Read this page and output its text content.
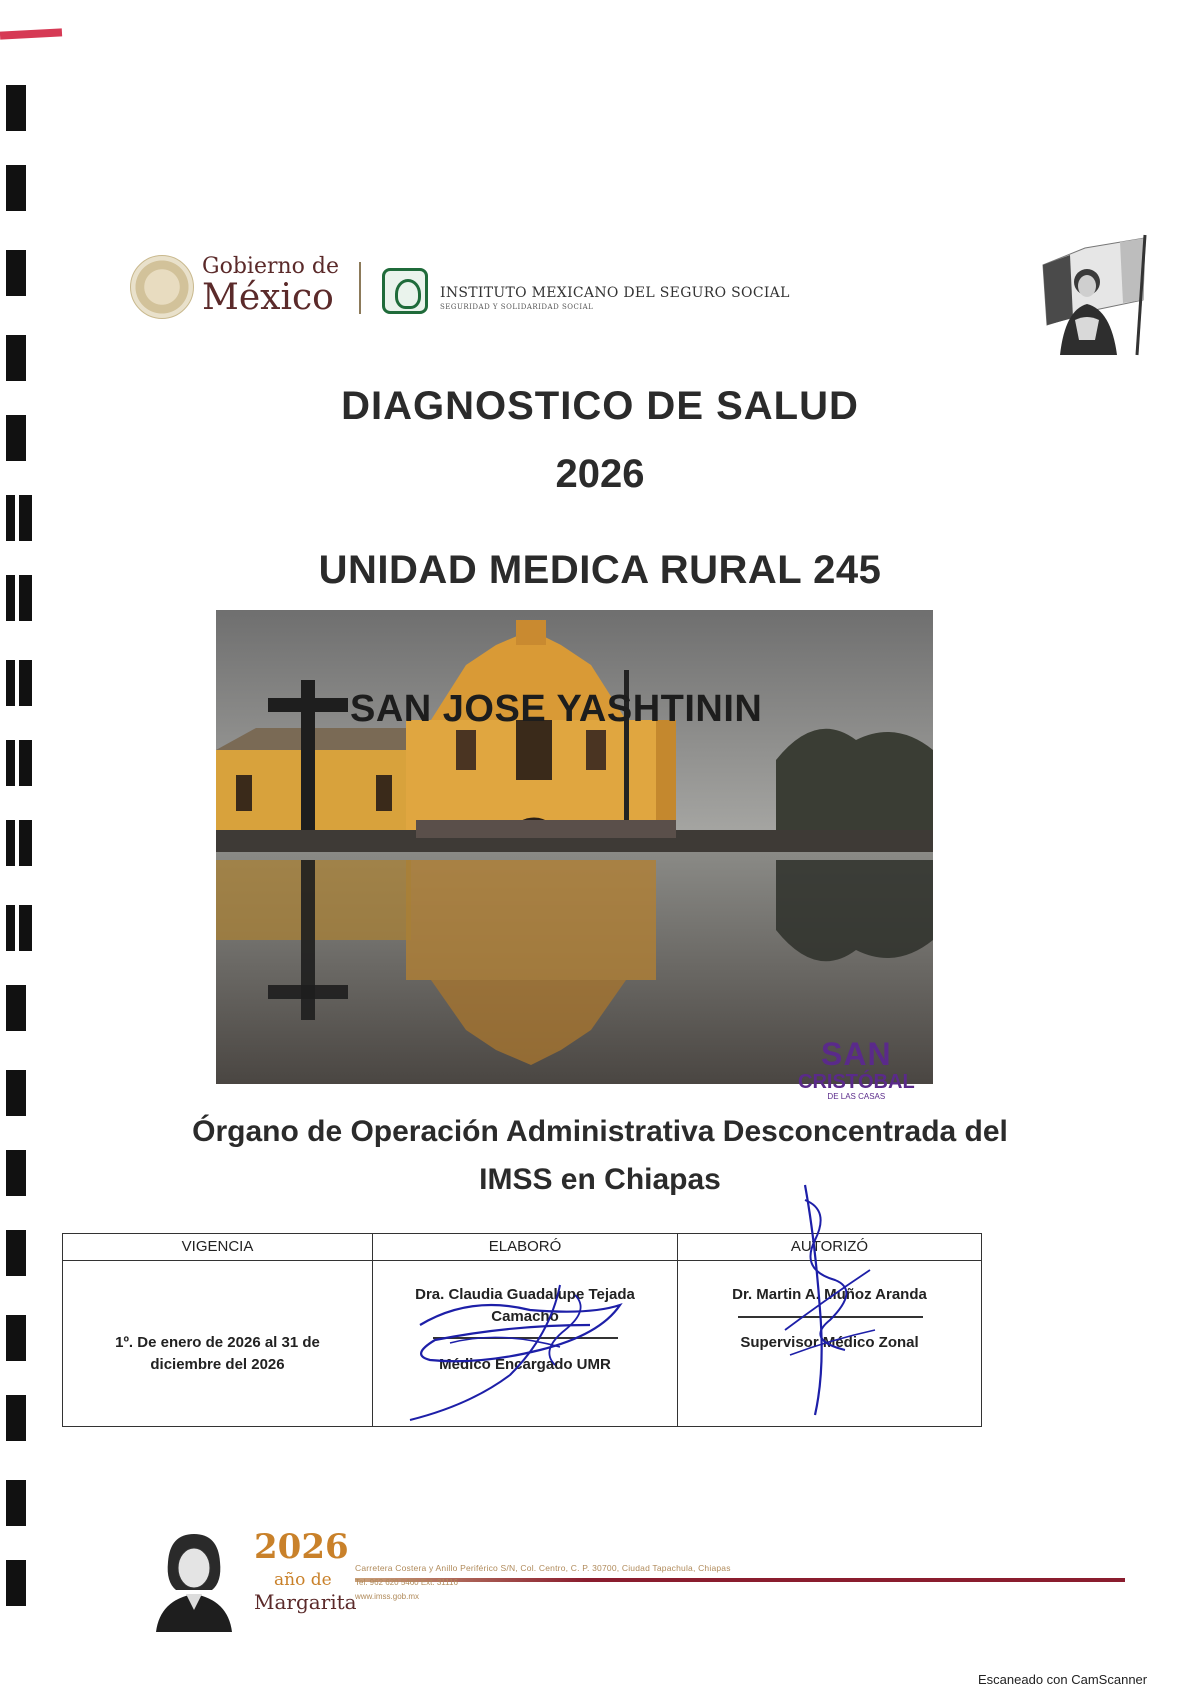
Gobierno de
México	INSTITUTO MEXICANO DEL SEGURO SOCIAL
SEGURIDAD Y SOLIDARIDAD SOCIAL
DIAGNOSTICO DE SALUD
2026
UNIDAD MEDICA RURAL 245
SAN JOSE YASHTININ
SAN
CRISTÓBAL
DE LAS CASAS
Órgano de Operación Administrativa Desconcentrada del
IMSS en Chiapas
VIGENCIA
1º. De enero de 2026 al 31 de
diciembre del 2026
ELABORÓ
Dra. Claudia Guadalupe Tejada
Camacho
Médico Encargado UMR
AUTORIZÓ
Dr. Martin A. Muñoz Aranda
Supervisor Médico Zonal
2026
año de
Margarita
Carretera Costera y Anillo Periférico S/N, Col. Centro, C. P. 30700, Ciudad Tapachula, Chiapas
Tel. 962 620 5460 Ext. 31116
www.imss.gob.mx
Escaneado con CamScanner
